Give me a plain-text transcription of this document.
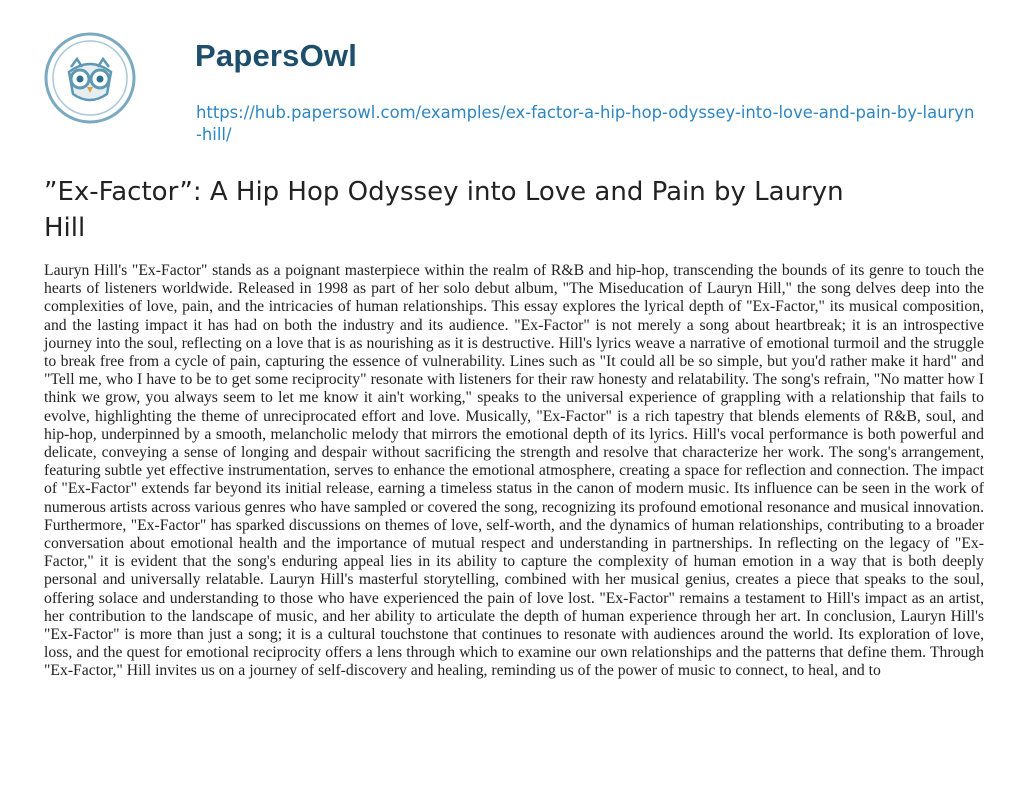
PapersOwl
https://hub.papersowl.com/examples/ex-factor-a-hip-hop-odyssey-into-love-and-pain-by-lauryn-hill/
”Ex-Factor”: A Hip Hop Odyssey into Love and Pain by Lauryn Hill

Lauryn Hill's "Ex-Factor" stands as a poignant masterpiece within the realm of R&B and hip-hop, transcending the bounds of its genre to touch the hearts of listeners worldwide. Released in 1998 as part of her solo debut album, "The Miseducation of Lauryn Hill," the song delves deep into the complexities of love, pain, and the intricacies of human relationships. This essay explores the lyrical depth of "Ex-Factor," its musical composition, and the lasting impact it has had on both the industry and its audience. "Ex-Factor" is not merely a song about heartbreak; it is an introspective journey into the soul, reflecting on a love that is as nourishing as it is destructive. Hill's lyrics weave a narrative of emotional turmoil and the struggle to break free from a cycle of pain, capturing the essence of vulnerability. Lines such as "It could all be so simple, but you'd rather make it hard" and "Tell me, who I have to be to get some reciprocity" resonate with listeners for their raw honesty and relatability. The song's refrain, "No matter how I think we grow, you always seem to let me know it ain't working," speaks to the universal experience of grappling with a relationship that fails to evolve, highlighting the theme of unreciprocated effort and love. Musically, "Ex-Factor" is a rich tapestry that blends elements of R&B, soul, and hip-hop, underpinned by a smooth, melancholic melody that mirrors the emotional depth of its lyrics. Hill's vocal performance is both powerful and delicate, conveying a sense of longing and despair without sacrificing the strength and resolve that characterize her work. The song's arrangement, featuring subtle yet effective instrumentation, serves to enhance the emotional atmosphere, creating a space for reflection and connection. The impact of "Ex-Factor" extends far beyond its initial release, earning a timeless status in the canon of modern music. Its influence can be seen in the work of numerous artists across various genres who have sampled or covered the song, recognizing its profound emotional resonance and musical innovation. Furthermore, "Ex-Factor" has sparked discussions on themes of love, self-worth, and the dynamics of human relationships, contributing to a broader conversation about emotional health and the importance of mutual respect and understanding in partnerships. In reflecting on the legacy of "Ex-Factor," it is evident that the song's enduring appeal lies in its ability to capture the complexity of human emotion in a way that is both deeply personal and universally relatable. Lauryn Hill's masterful storytelling, combined with her musical genius, creates a piece that speaks to the soul, offering solace and understanding to those who have experienced the pain of love lost. "Ex-Factor" remains a testament to Hill's impact as an artist, her contribution to the landscape of music, and her ability to articulate the depth of human experience through her art. In conclusion, Lauryn Hill's "Ex-Factor" is more than just a song; it is a cultural touchstone that continues to resonate with audiences around the world. Its exploration of love, loss, and the quest for emotional reciprocity offers a lens through which to examine our own relationships and the patterns that define them. Through "Ex-Factor," Hill invites us on a journey of self-discovery and healing, reminding us of the power of music to connect, to heal, and to
